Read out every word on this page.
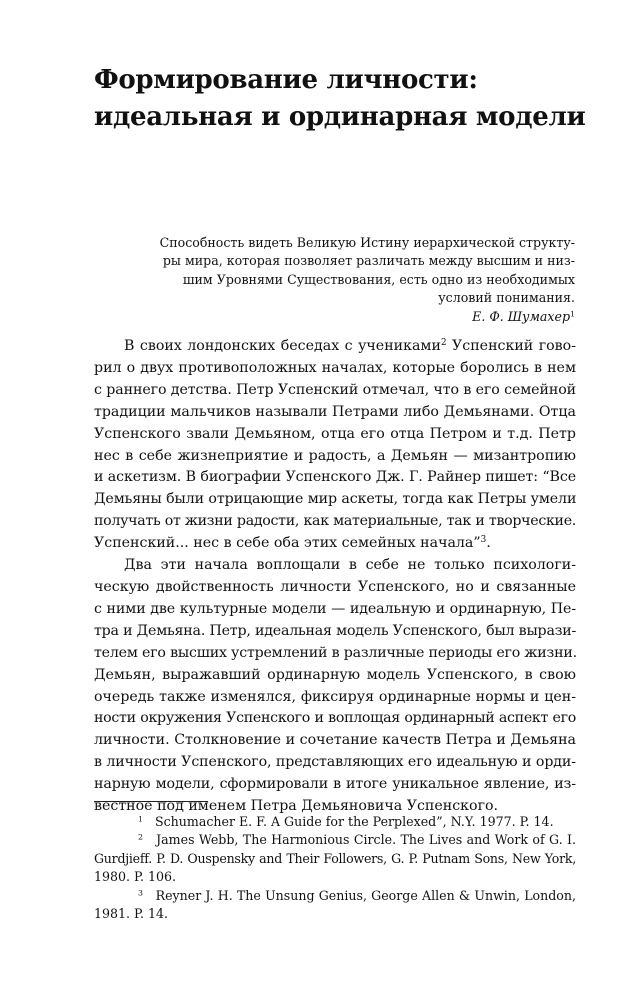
Формирование личности:
идеальная и ординарная модели
Способность видеть Великую Истину иерархической структу-
ры мира, которая позволяет различать между высшим и низ-
шим Уровнями Существования, есть одно из необходимых
условий понимания.
Е. Ф. Шумахер$^1$

В своих лондонских беседах с учениками$^2$ Успенский гово-
рил о двух противоположных началах, которые боролись в нем
с раннего детства. Петр Успенский отмечал, что в его семейной
традиции мальчиков называли Петрами либо Демьянами. Отца
Успенского звали Демьяном, отца его отца Петром и т.д. Петр
нес в себе жизнеприятие и радость, а Демьян — мизантропию
и аскетизм. В биографии Успенского Дж. Г. Райнер пишет: “Все
Демьяны были отрицающие мир аскеты, тогда как Петры умели
получать от жизни радости, как материальные, так и творческие.
Успенский... нес в себе оба этих семейных начала”$^3$.

Два эти начала воплощали в себе не только психологи-
ческую двойственность личности Успенского, но и связанные
с ними две культурные модели — идеальную и ординарную, Пе-
тра и Демьяна. Петр, идеальная модель Успенского, был вырази-
телем его высших устремлений в различные периоды его жизни.
Демьян, выражавший ординарную модель Успенского, в свою
очередь также изменялся, фиксируя ординарные нормы и цен-
ности окружения Успенского и воплощая ординарный аспект его
личности. Столкновение и сочетание качеств Петра и Демьяна
в личности Успенского, представляющих его идеальную и орди-
нарную модели, сформировали в итоге уникальное явление, из-
вестное под именем Петра Демьяновича Успенского.

$^1$ Schumacher E. F. A Guide for the Perplexed”, N.Y. 1977. P. 14.
$^2$ James Webb, The Harmonious Circle. The Lives and Work of G. I.
Gurdjieff. P. D. Ouspensky and Their Followers, G. P. Putnam Sons, New York,
1980. P. 106.
$^3$ Reyner J. H. The Unsung Genius, George Allen & Unwin, London,
1981. P. 14.
